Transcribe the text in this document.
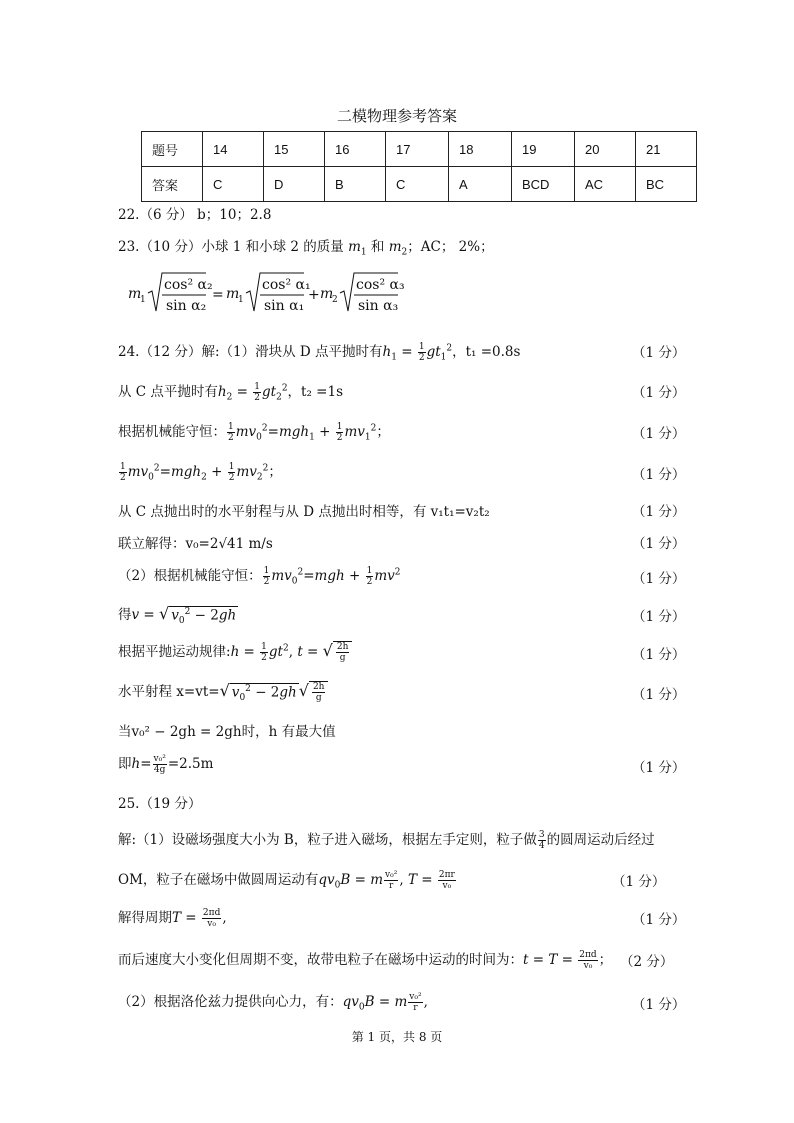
二模物理参考答案
题号	14	15	16	17	18	19	20	21
答案	C	D	B	C	A	BCD	AC	BC
22.（6 分） b；10；2.8
23.（10 分）小球 1 和小球 2 的质量 $m_1$ 和 $m_2$；AC； 2%；
m
1
cos² α₂
sin α₂
= m
1
cos² α₁
sin α₁
+ m
2
cos² α₃
sin α₃
24.（12 分）解:（1）滑块从 D 点平抛时有$h_1 = \frac{1}{2} gt_1^2$，t₁ =0.8s	（1 分）
从 C 点平抛时有$h_2 = \frac{1}{2} gt_2^2$，t₂ =1s	（1 分）
根据机械能守恒： $\frac{1}{2} mv_0^2=mgh_1 + \frac{1}{2} mv_1^2$；	（1 分）
$\frac{1}{2} mv_0^2=mgh_2 + \frac{1}{2} mv_2^2$；	（1 分）
从 C 点抛出时的水平射程与从 D 点抛出时相等，有 v₁t₁=v₂t₂	（1 分）
联立解得：v₀=2√41 m/s	（1 分）
（2）根据机械能守恒： $\frac{1}{2} mv_0^2=mgh + \frac{1}{2} mv^2$	（1 分）
得v = √ $v_0^2 - 2gh$	（1 分）
根据平抛运动规律:h = $\frac{1}{2} gt^2$, t = √ $\frac{2h}{g}$	（1 分）
水平射程 x=vt=√ $v_0^2 - 2gh$ √ $\frac{2h}{g}$	（1 分）
当v₀² − 2gh = 2gh时，h 有最大值
即$h= \frac{\text{v₀²}}{4g} =2.5m$	（1 分）
25.（19 分）
解:（1）设磁场强度大小为 B，粒子进入磁场，根据左手定则，粒子做 $\frac{3}{4}$ 的圆周运动后经过
OM，粒子在磁场中做圆周运动有$qv_0B = m \frac{\text{v₀²}}{r}$ , $T = \frac{2\pi r}{\text{v₀}}$	（1 分）
解得周期$T = \frac{2\pi d}{\text{v₀}}$ ,	（1 分）
而后速度大小变化但周期不变，故带电粒子在磁场中运动的时间为：$t = T = \frac{2\pi d}{\text{v₀}}$ ； （2 分）
（2）根据洛伦兹力提供向心力，有：$qv_0B = m \frac{\text{v₀²}}{r}$ ,	（1 分）
第 1 页，共 8 页
